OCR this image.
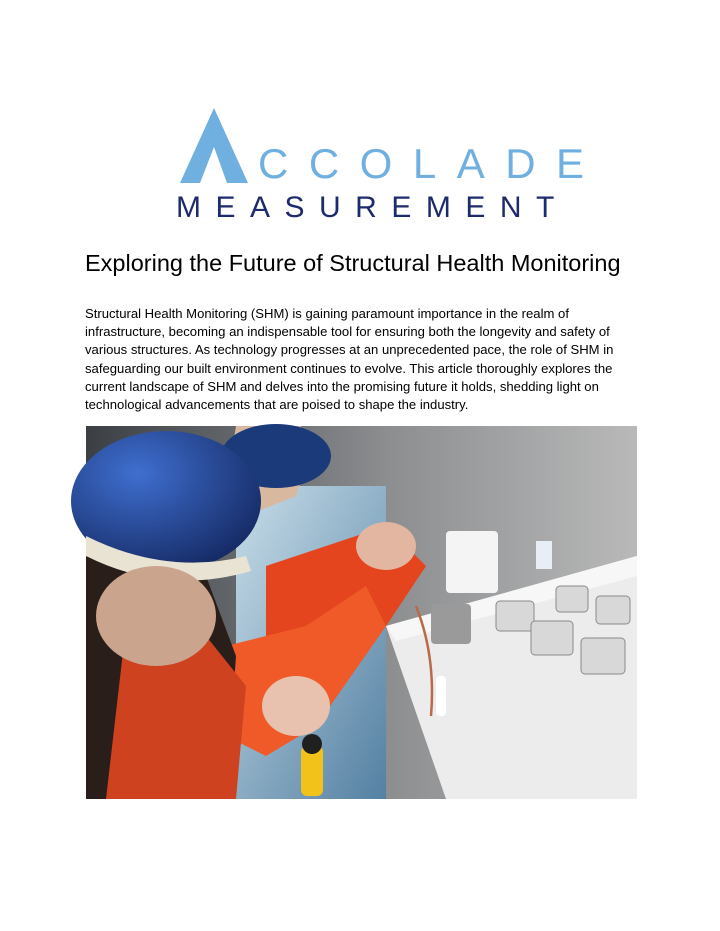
CCOLADE
MEASUREMENT
Exploring the Future of Structural Health Monitoring

Structural Health Monitoring (SHM) is gaining paramount importance in the realm of infrastructure, becoming an indispensable tool for ensuring both the longevity and safety of various structures. As technology progresses at an unprecedented pace, the role of SHM in safeguarding our built environment continues to evolve. This article thoroughly explores the current landscape of SHM and delves into the promising future it holds, shedding light on technological advancements that are poised to shape the industry.
